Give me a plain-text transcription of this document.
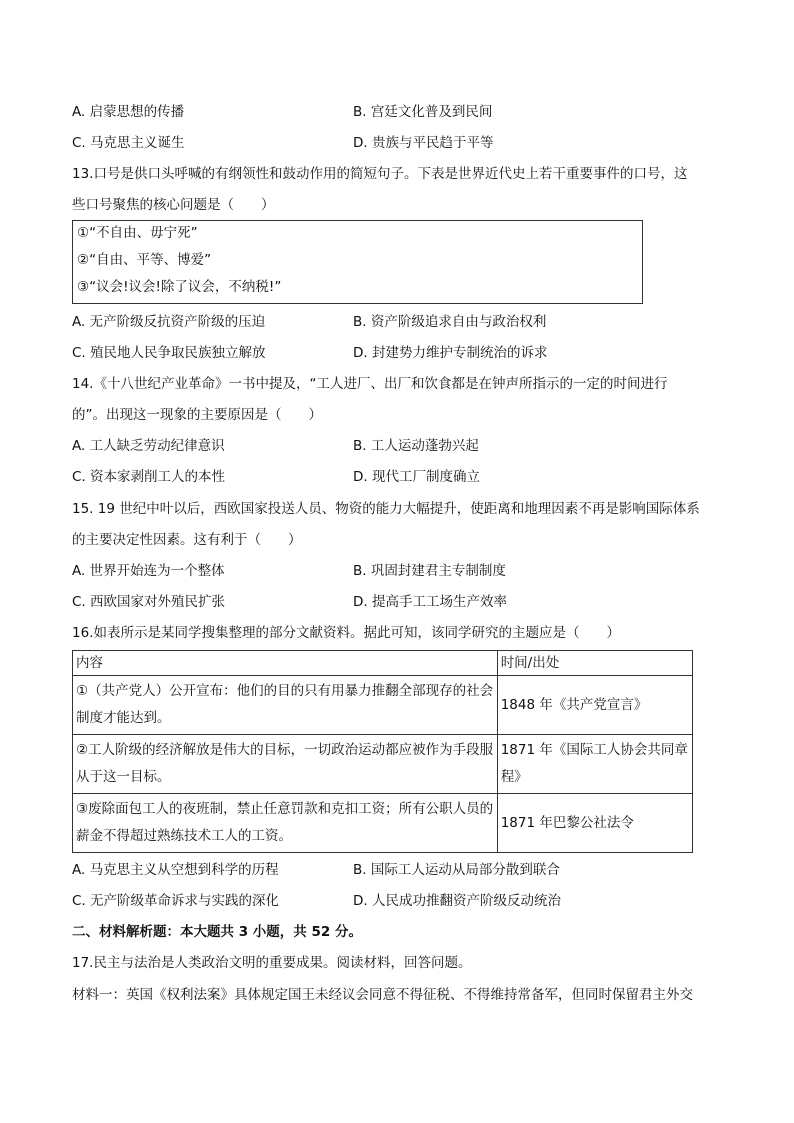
A. 启蒙思想的传播	B. 宫廷文化普及到民间
C. 马克思主义诞生	D. 贵族与平民趋于平等
13.口号是供口头呼喊的有纲领性和鼓动作用的简短句子。下表是世界近代史上若干重要事件的口号，这
些口号聚焦的核心问题是（　　）
①“不自由、毋宁死”
②“自由、平等、博爱”
③“议会!议会!除了议会，不纳税!”
A. 无产阶级反抗资产阶级的压迫	B. 资产阶级追求自由与政治权利
C. 殖民地人民争取民族独立解放	D. 封建势力维护专制统治的诉求
14.《十八世纪产业革命》一书中提及，“工人进厂、出厂和饮食都是在钟声所指示的一定的时间进行
的”。出现这一现象的主要原因是（　　）
A. 工人缺乏劳动纪律意识	B. 工人运动蓬勃兴起
C. 资本家剥削工人的本性	D. 现代工厂制度确立
15. 19 世纪中叶以后，西欧国家投送人员、物资的能力大幅提升，使距离和地理因素不再是影响国际体系
的主要决定性因素。这有利于（　　）
A. 世界开始连为一个整体	B. 巩固封建君主专制制度
C. 西欧国家对外殖民扩张	D. 提高手工工场生产效率
16.如表所示是某同学搜集整理的部分文献资料。据此可知，该同学研究的主题应是（　　）
内容	时间/出处
①（共产党人）公开宣布：他们的目的只有用暴力推翻全部现存的社会制度才能达到。	1848 年《共产党宣言》
②工人阶级的经济解放是伟大的目标，一切政治运动都应被作为手段服从于这一目标。	1871 年《国际工人协会共同章程》
③废除面包工人的夜班制，禁止任意罚款和克扣工资；所有公职人员的薪金不得超过熟练技术工人的工资。	1871 年巴黎公社法令
A. 马克思主义从空想到科学的历程	B. 国际工人运动从局部分散到联合
C. 无产阶级革命诉求与实践的深化	D. 人民成功推翻资产阶级反动统治
二、材料解析题：本大题共 3 小题，共 52 分。
17.民主与法治是人类政治文明的重要成果。阅读材料，回答问题。
材料一：英国《权利法案》具体规定国王未经议会同意不得征税、不得维持常备军，但同时保留君主外交
